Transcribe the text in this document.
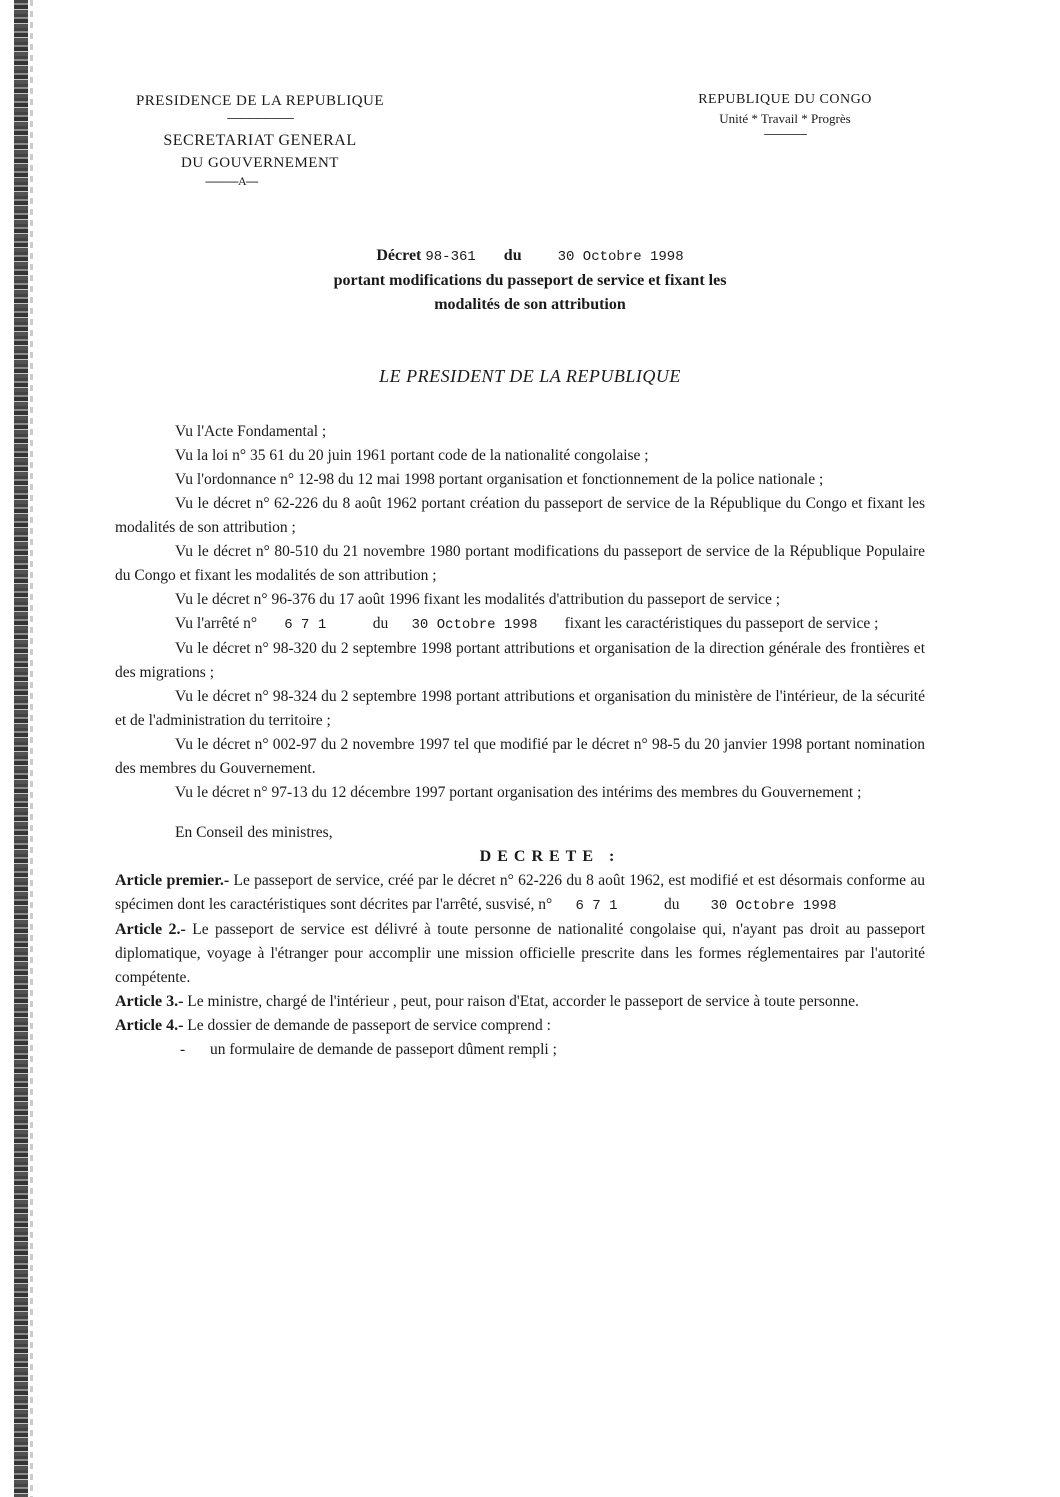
PRESIDENCE DE LA REPUBLIQUE
-------------------------
SECRETARIAT GENERAL
DU GOUVERNEMENT
-----------A----
REPUBLIQUE DU CONGO
Unité * Travail * Progrès
----------------
Décret 98-361 du	30 Octobre 1998
portant modifications du passeport de service et fixant les
modalités de son attribution
LE PRESIDENT DE LA REPUBLIQUE

Vu l'Acte Fondamental ;

Vu la loi n° 35 61 du 20 juin 1961 portant code de la nationalité congolaise ;

Vu l'ordonnance n° 12-98 du 12 mai 1998 portant organisation et fonctionnement de la police nationale ;

Vu le décret n° 62-226 du 8 août 1962 portant création du passeport de service de la République du Congo et fixant les modalités de son attribution ;

Vu le décret n° 80-510 du 21 novembre 1980 portant modifications du passeport de service de la République Populaire du Congo et fixant les modalités de son attribution ;

Vu le décret n° 96-376 du 17 août 1996 fixant les modalités d'attribution du passeport de service ;

Vu l'arrêté n° 6 7 1	du 30 Octobre 1998 fixant les caractéristiques du passeport de service ;

Vu le décret n° 98-320 du 2 septembre 1998 portant attributions et organisation de la direction générale des frontières et des migrations ;

Vu le décret n° 98-324 du 2 septembre 1998 portant attributions et organisation du ministère de l'intérieur, de la sécurité et de l'administration du territoire ;

Vu le décret n° 002-97 du 2 novembre 1997 tel que modifié par le décret n° 98-5 du 20 janvier 1998 portant nomination des membres du Gouvernement.

Vu le décret n° 97-13 du 12 décembre 1997 portant organisation des intérims des membres du Gouvernement ;

En Conseil des ministres,

DECRETE :

Article premier.- Le passeport de service, créé par le décret n° 62-226 du 8 août 1962, est modifié et est désormais conforme au spécimen dont les caractéristiques sont décrites par l'arrêté, susvisé, n° 6 7 1	du 30 Octobre 1998

Article 2.- Le passeport de service est délivré à toute personne de nationalité congolaise qui, n'ayant pas droit au passeport diplomatique, voyage à l'étranger pour accomplir une mission officielle prescrite dans les formes réglementaires par l'autorité compétente.

Article 3.- Le ministre, chargé de l'intérieur , peut, pour raison d'Etat, accorder le passeport de service à toute personne.

Article 4.- Le dossier de demande de passeport de service comprend :

- un formulaire de demande de passeport dûment rempli ;
